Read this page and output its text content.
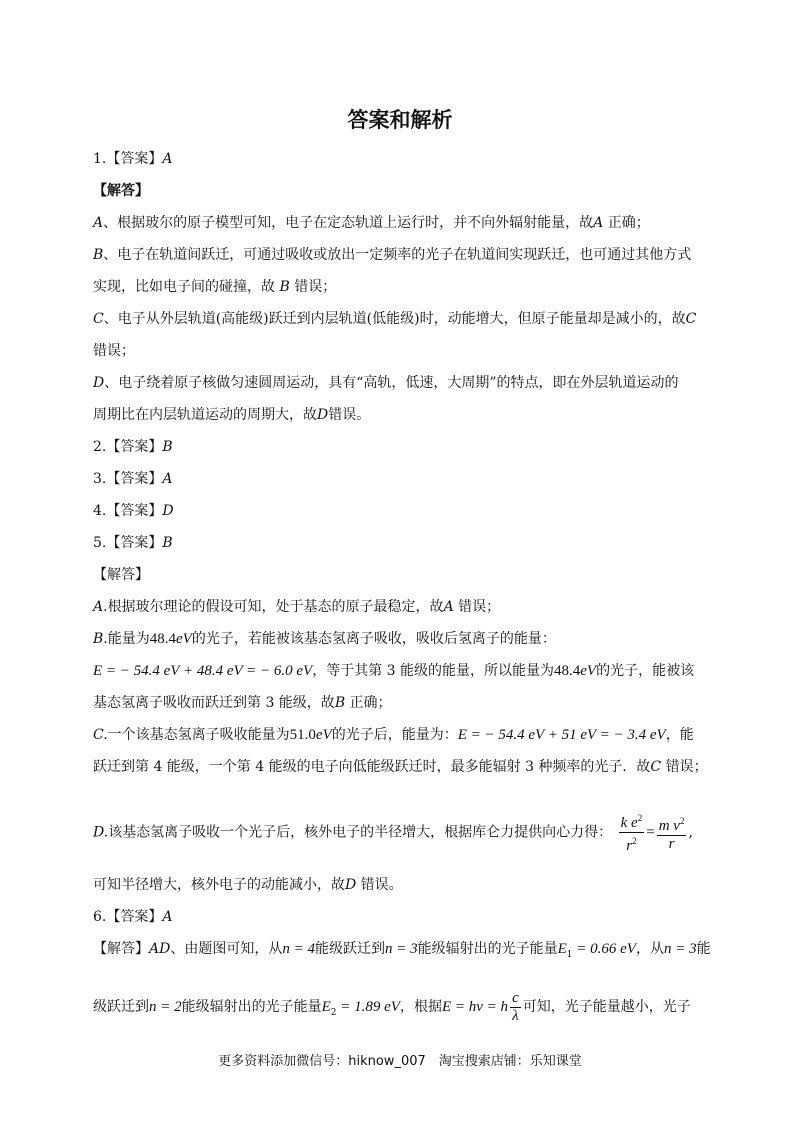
答案和解析
1.【答案】A
【解答】
A、根据玻尔的原子模型可知，电子在定态轨道上运行时，并不向外辐射能量，故A 正确；
B、电子在轨道间跃迁，可通过吸收或放出一定频率的光子在轨道间实现跃迁，也可通过其他方式
实现，比如电子间的碰撞，故 B 错误；
C、电子从外层轨道(高能级)跃迁到内层轨道(低能级)时，动能增大，但原子能量却是减小的，故C
错误；
D、电子绕着原子核做匀速圆周运动，具有“高轨，低速，大周期”的特点，即在外层轨道运动的
周期比在内层轨道运动的周期大，故D错误。
2.【答案】B
3.【答案】A
4.【答案】D
5.【答案】B
【解答】
A.根据玻尔理论的假设可知，处于基态的原子最稳定，故A 错误；
B.能量为48.4eV的光子，若能被该基态氢离子吸收，吸收后氢离子的能量：
E = − 54.4 eV + 48.4 eV = − 6.0 eV，等于其第 3 能级的能量，所以能量为48.4eV的光子，能被该
基态氢离子吸收而跃迁到第 3 能级，故B 正确；
C.一个该基态氢离子吸收能量为51.0eV的光子后，能量为：E = − 54.4 eV + 51 eV = − 3.4 eV，能
跃迁到第 4 能级，一个第 4 能级的电子向低能级跃迁时，最多能辐射 3 种频率的光子．故C 错误；
D.该基态氢离子吸收一个光子后，核外电子的半径增大，根据库仑力提供向心力得： $\frac{k e^2}{r^2} = \frac{m v^2}{r}$ ,
可知半径增大，核外电子的动能减小，故D 错误。
6.【答案】A
【解答】AD、由题图可知，从n = 4能级跃迁到n = 3能级辐射出的光子能量$E_1 = 0.66$ eV，从n = 3能
级跃迁到n = 2能级辐射出的光子能量$E_2 = 1.89$ eV，根据E = hν = h $\frac{c}{\lambda}$ 可知，光子能量越小，光子
更多资料添加微信号：hiknow_007　淘宝搜索店铺：乐知课堂
